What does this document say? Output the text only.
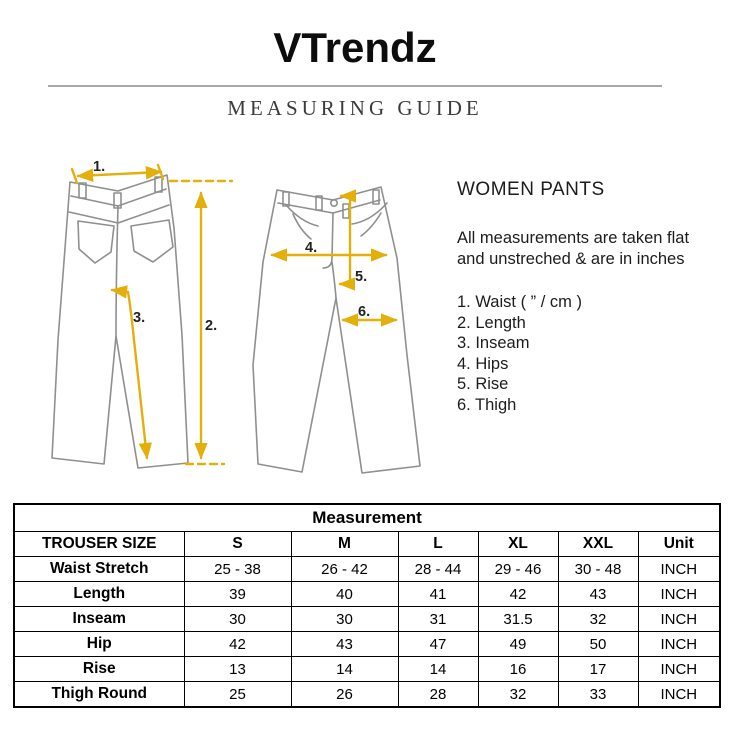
VTrendz
MEASURING GUIDE
1.
2.
3.
4.
5.
6.

WOMEN PANTS

All measurements are taken flat
and unstreched & are in inches
1. Waist ( ” / cm )
2. Length
3. Inseam
4. Hips
5. Rise
6. Thigh
Measurement						
TROUSER SIZE	S	M	L	XL	XXL	Unit
Waist Stretch	25 - 38	26 - 42	28 - 44	29 - 46	30 - 48	INCH
Length	39	40	41	42	43	INCH
Inseam	30	30	31	31.5	32	INCH
Hip	42	43	47	49	50	INCH
Rise	13	14	14	16	17	INCH
Thigh Round	25	26	28	32	33	INCH
